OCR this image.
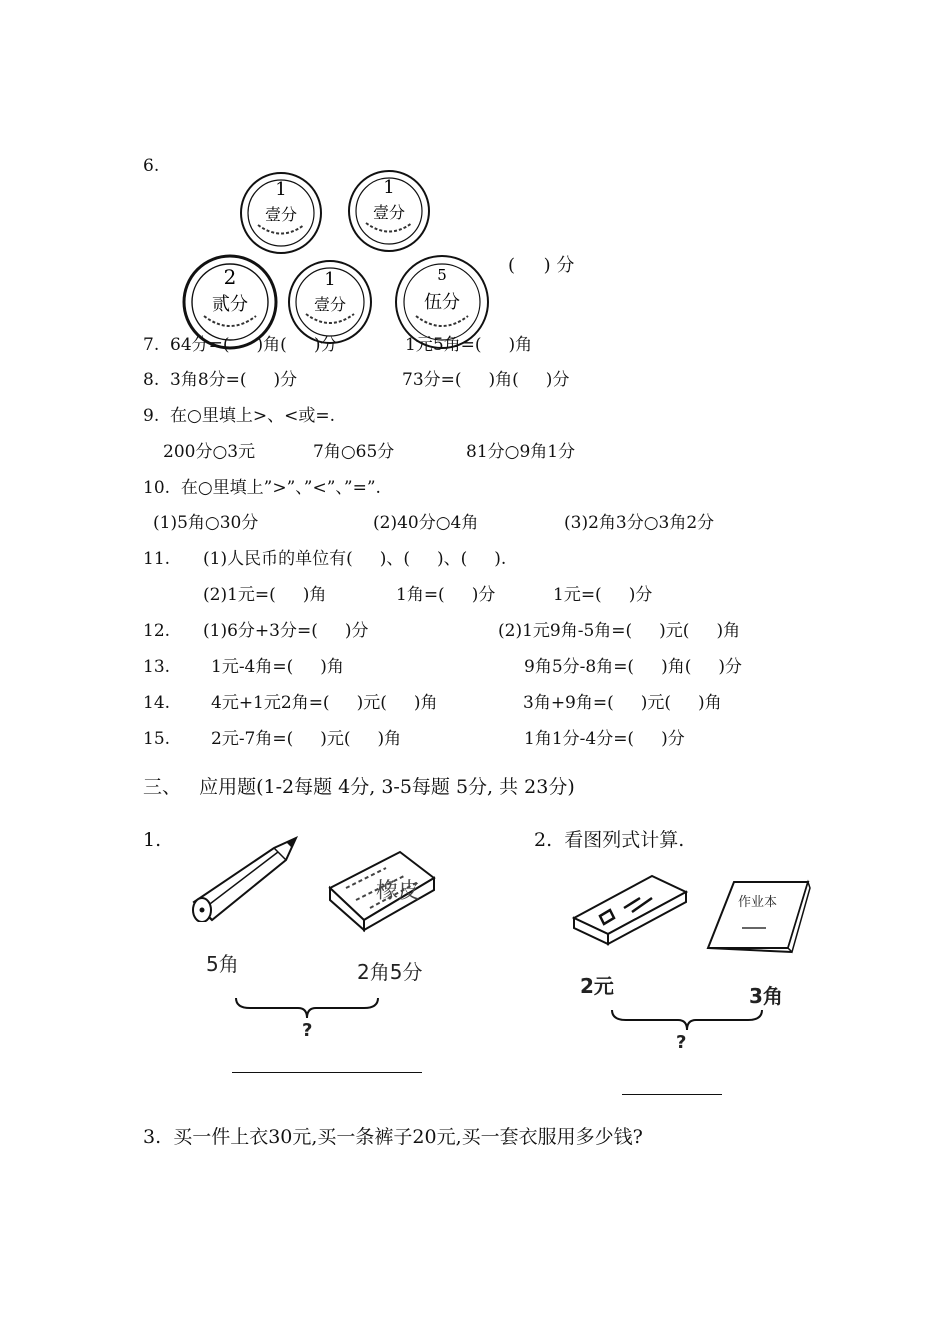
6.
1
壹分
1
壹分
2
贰分
1
壹分
5
伍分
(     ) 分
7.  64分=(     )角(     )分	1元5角=(     )角
8.  3角8分=(     )分	73分=(     )角(     )分
9.  在○里填上>、<或=.
200分○3元	7角○65分	81分○9角1分
10.  在○里填上”>”、”<”、”=”.
(1)5角○30分	(2)40分○4角	(3)2角3分○3角2分
11. (1)人民币的单位有(     )、(     )、(     ).
(2)1元=(     )角	1角=(     )分	1元=(     )分
12. (1)6分+3分=(     )分	(2)1元9角-5角=(     )元(     )角
13. 1元-4角=(     )角	9角5分-8角=(     )角(     )分
14. 4元+1元2角=(     )元(     )角	3角+9角=(     )元(     )角
15. 2元-7角=(     )元(     )角	1角1分-4分=(     )分
三、   应用题(1-2每题 4分, 3-5每题 5分, 共 23分)
1.
橡皮
5角	2角5分
?
2.  看图列式计算.
作业本
2元	3角
?
3.  买一件上衣30元,买一条裤子20元,买一套衣服用多少钱?
